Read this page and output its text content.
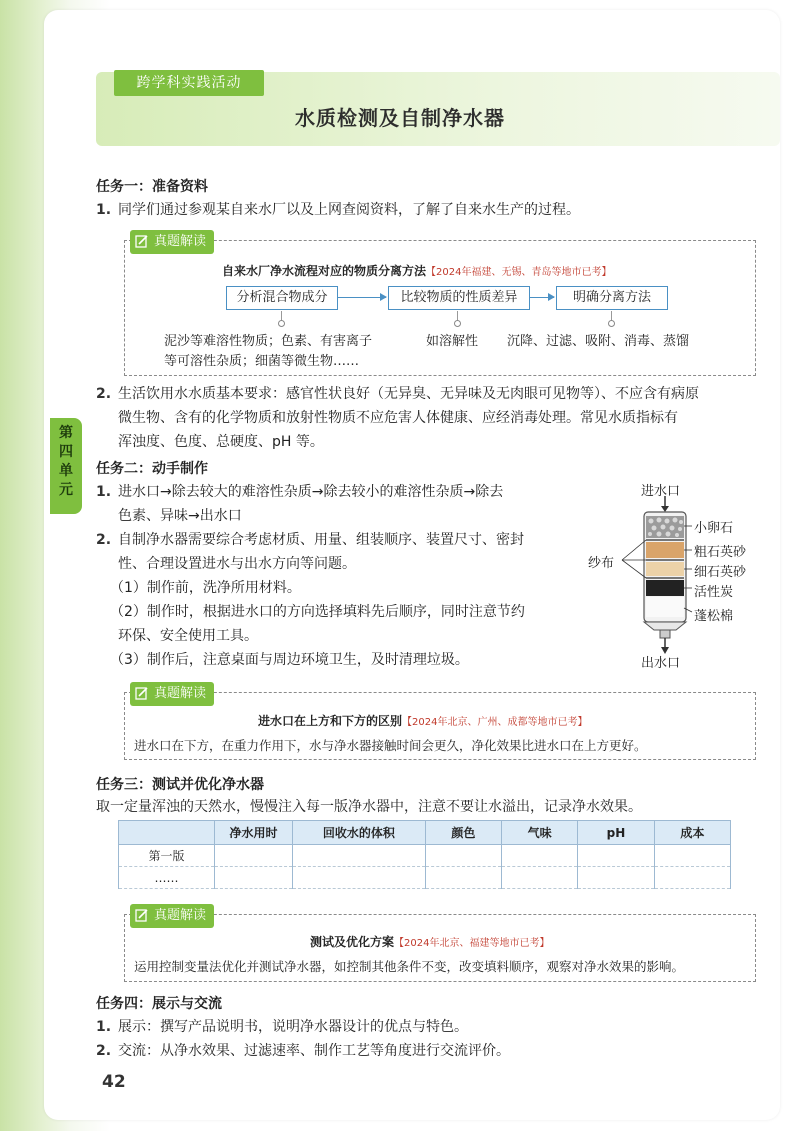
跨学科实践活动
水质检测及自制净水器
第
四
单
元
任务一：准备资料
1. 同学们通过参观某自来水厂以及上网查阅资料，了解了自来水生产的过程。
真题解读
自来水厂净水流程对应的物质分离方法【2024年福建、无锡、青岛等地市已考】
分析混合物成分	比较物质的性质差异	明确分离方法
泥沙等难溶性物质；色素、有害离子
等可溶性杂质；细菌等微生物……
如溶解性 沉降、过滤、吸附、消毒、蒸馏
2. 生活饮用水水质基本要求：感官性状良好（无异臭、无异味及无肉眼可见物等）、不应含有病原
微生物、含有的化学物质和放射性物质不应危害人体健康、应经消毒处理。常见水质指标有
浑浊度、色度、总硬度、pH 等。
任务二：动手制作
1. 进水口→除去较大的难溶性杂质→除去较小的难溶性杂质→除去
色素、异味→出水口
2. 自制净水器需要综合考虑材质、用量、组装顺序、装置尺寸、密封
性、合理设置进水与出水方向等问题。
（1）制作前，洗净所用材料。
（2）制作时，根据进水口的方向选择填料先后顺序，同时注意节约
环保、安全使用工具。
（3）制作后，注意桌面与周边环境卫生，及时清理垃圾。
进水口
纱布
小卵石
粗石英砂
细石英砂
活性炭
蓬松棉
出水口
真题解读
进水口在上方和下方的区别【2024年北京、广州、成都等地市已考】
进水口在下方，在重力作用下，水与净水器接触时间会更久，净化效果比进水口在上方更好。
任务三：测试并优化净水器
取一定量浑浊的天然水，慢慢注入每一版净水器中，注意不要让水溢出，记录净水效果。
	净水用时	回收水的体积	颜色	气味	pH	成本
第一版						
……						
真题解读
测试及优化方案【2024年北京、福建等地市已考】
运用控制变量法优化并测试净水器，如控制其他条件不变，改变填料顺序，观察对净水效果的影响。
任务四：展示与交流
1. 展示：撰写产品说明书，说明净水器设计的优点与特色。
2. 交流：从净水效果、过滤速率、制作工艺等角度进行交流评价。
42
